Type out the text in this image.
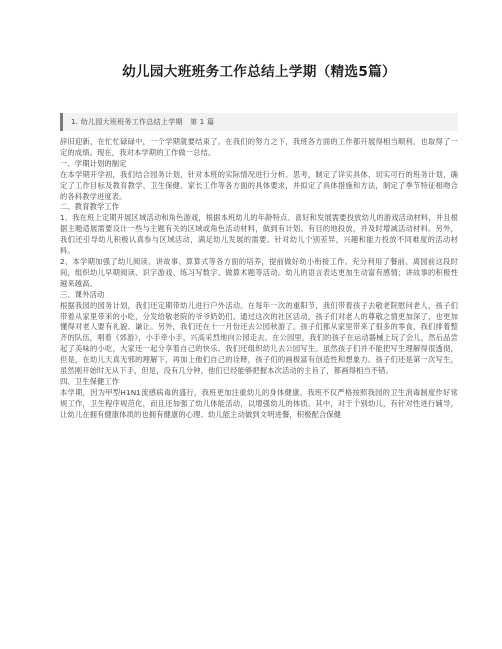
幼儿园大班班务工作总结上学期（精选5篇）
1. 幼儿园大班班务工作总结上学期　第 1 篇

辞旧迎新，在忙忙碌碌中，一个学期就要结束了。在我们的努力之下，我班各方面的工作都开展得相当顺利，也取得了一定的成绩。现在，我对本学期的工作做一总结。

一、学期计划的制定

在本学期开学初，我们结合园务计划，针对本班的实际情况进行分析、思考，制定了详实具体、切实可行的班务计划，确定了工作目标及教育教学、卫生保健、家长工作等各方面的具体要求，并拟定了具体措施和方法，制定了季节特征相吻合的各科教学进度表。

二、教育教学工作

1、我在班上定期开展区域活动和角色游戏，根据本班幼儿的年龄特点、喜好和发展需要投放幼儿的游戏活动材料，并且根据主题适展需要设计一些与主题有关的区域或角色活动材料，做到有计划、有目的地投放，并及时增减活动材料。另外，我们还引导幼儿积极认真参与区域活动，满足幼儿发展的需要。针对幼儿个别差异，兴趣和能力投放不同难度的活动材料。

2、本学期加强了幼儿阅读、讲故事、算算式等各方面的培养，提前做好幼小衔接工作。充分利用了餐前、离园前这段时间，组织幼儿早期阅读、识字游戏、练习写数字、做算术题等活动。幼儿的语言表达更加生动富有感情；讲故事的积极性越来越高。

三、课外活动

根据我园的园务计划，我们还定期带幼儿进行户外活动。在每年一次的重阳节，我们带着孩子去敬老院慰问老人，孩子们带着从家里带来的小吃，分发给敬老院的爷爷奶奶们。通过这次的社区活动，孩子们对老人的尊敬之情更加深了，也更加懂得对老人要有礼貌、谦让。另外，我们还在十一月份还去公园秋游了。孩子们都从家里带来了很多的零食，我们排着整齐的队伍，唱着《郊游》，小手牵小手，兴高采烈地向公园走去。在公园里，我们的孩子在运动器械上玩了会儿，然后品尝起了美味的小吃，大家还一起分享着自己的快乐。我们还组织幼儿去公园写生。虽然孩子们并不能把写生理解得很透彻，但是，在幼儿天真无邪的理解下，再加上他们自己的诠释，孩子们的画极富有创造性和想象力。孩子们还是第一次写生，虽然刚开始时无从下手，但是，没有几分钟，他们已经能够把握本次活动的主旨了，都画得相当不错。

四、卫生保健工作

本学期，因为甲型H1N1流感病毒的盛行，我班更加注重幼儿的身体健康。我班不仅严格按照我园的卫生消毒制度作好常规工作，卫生程序规范化，而且还加强了幼儿体能活动，以增强幼儿的体质。其中，对于个别幼儿，有针对性进行辅导，让幼儿在拥有健康体质的也拥有健康的心理。幼儿能主动做到文明进餐，积极配合保健
